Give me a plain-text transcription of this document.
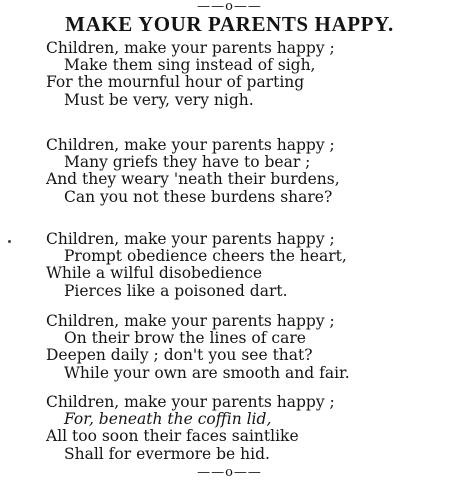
——o——
MAKE YOUR PARENTS HAPPY.
Children, make your parents happy ;
Make them sing instead of sigh,
For the mournful hour of parting
Must be very, very nigh.
Children, make your parents happy ;
Many griefs they have to bear ;
And they weary 'neath their burdens,
Can you not these burdens share?
Children, make your parents happy ;
Prompt obedience cheers the heart,
While a wilful disobedience
Pierces like a poisoned dart.
Children, make your parents happy ;
On their brow the lines of care
Deepen daily ; don't you see that?
While your own are smooth and fair.
Children, make your parents happy ;
For, beneath the coffin lid,
All too soon their faces saintlike
Shall for evermore be hid.
——o——
